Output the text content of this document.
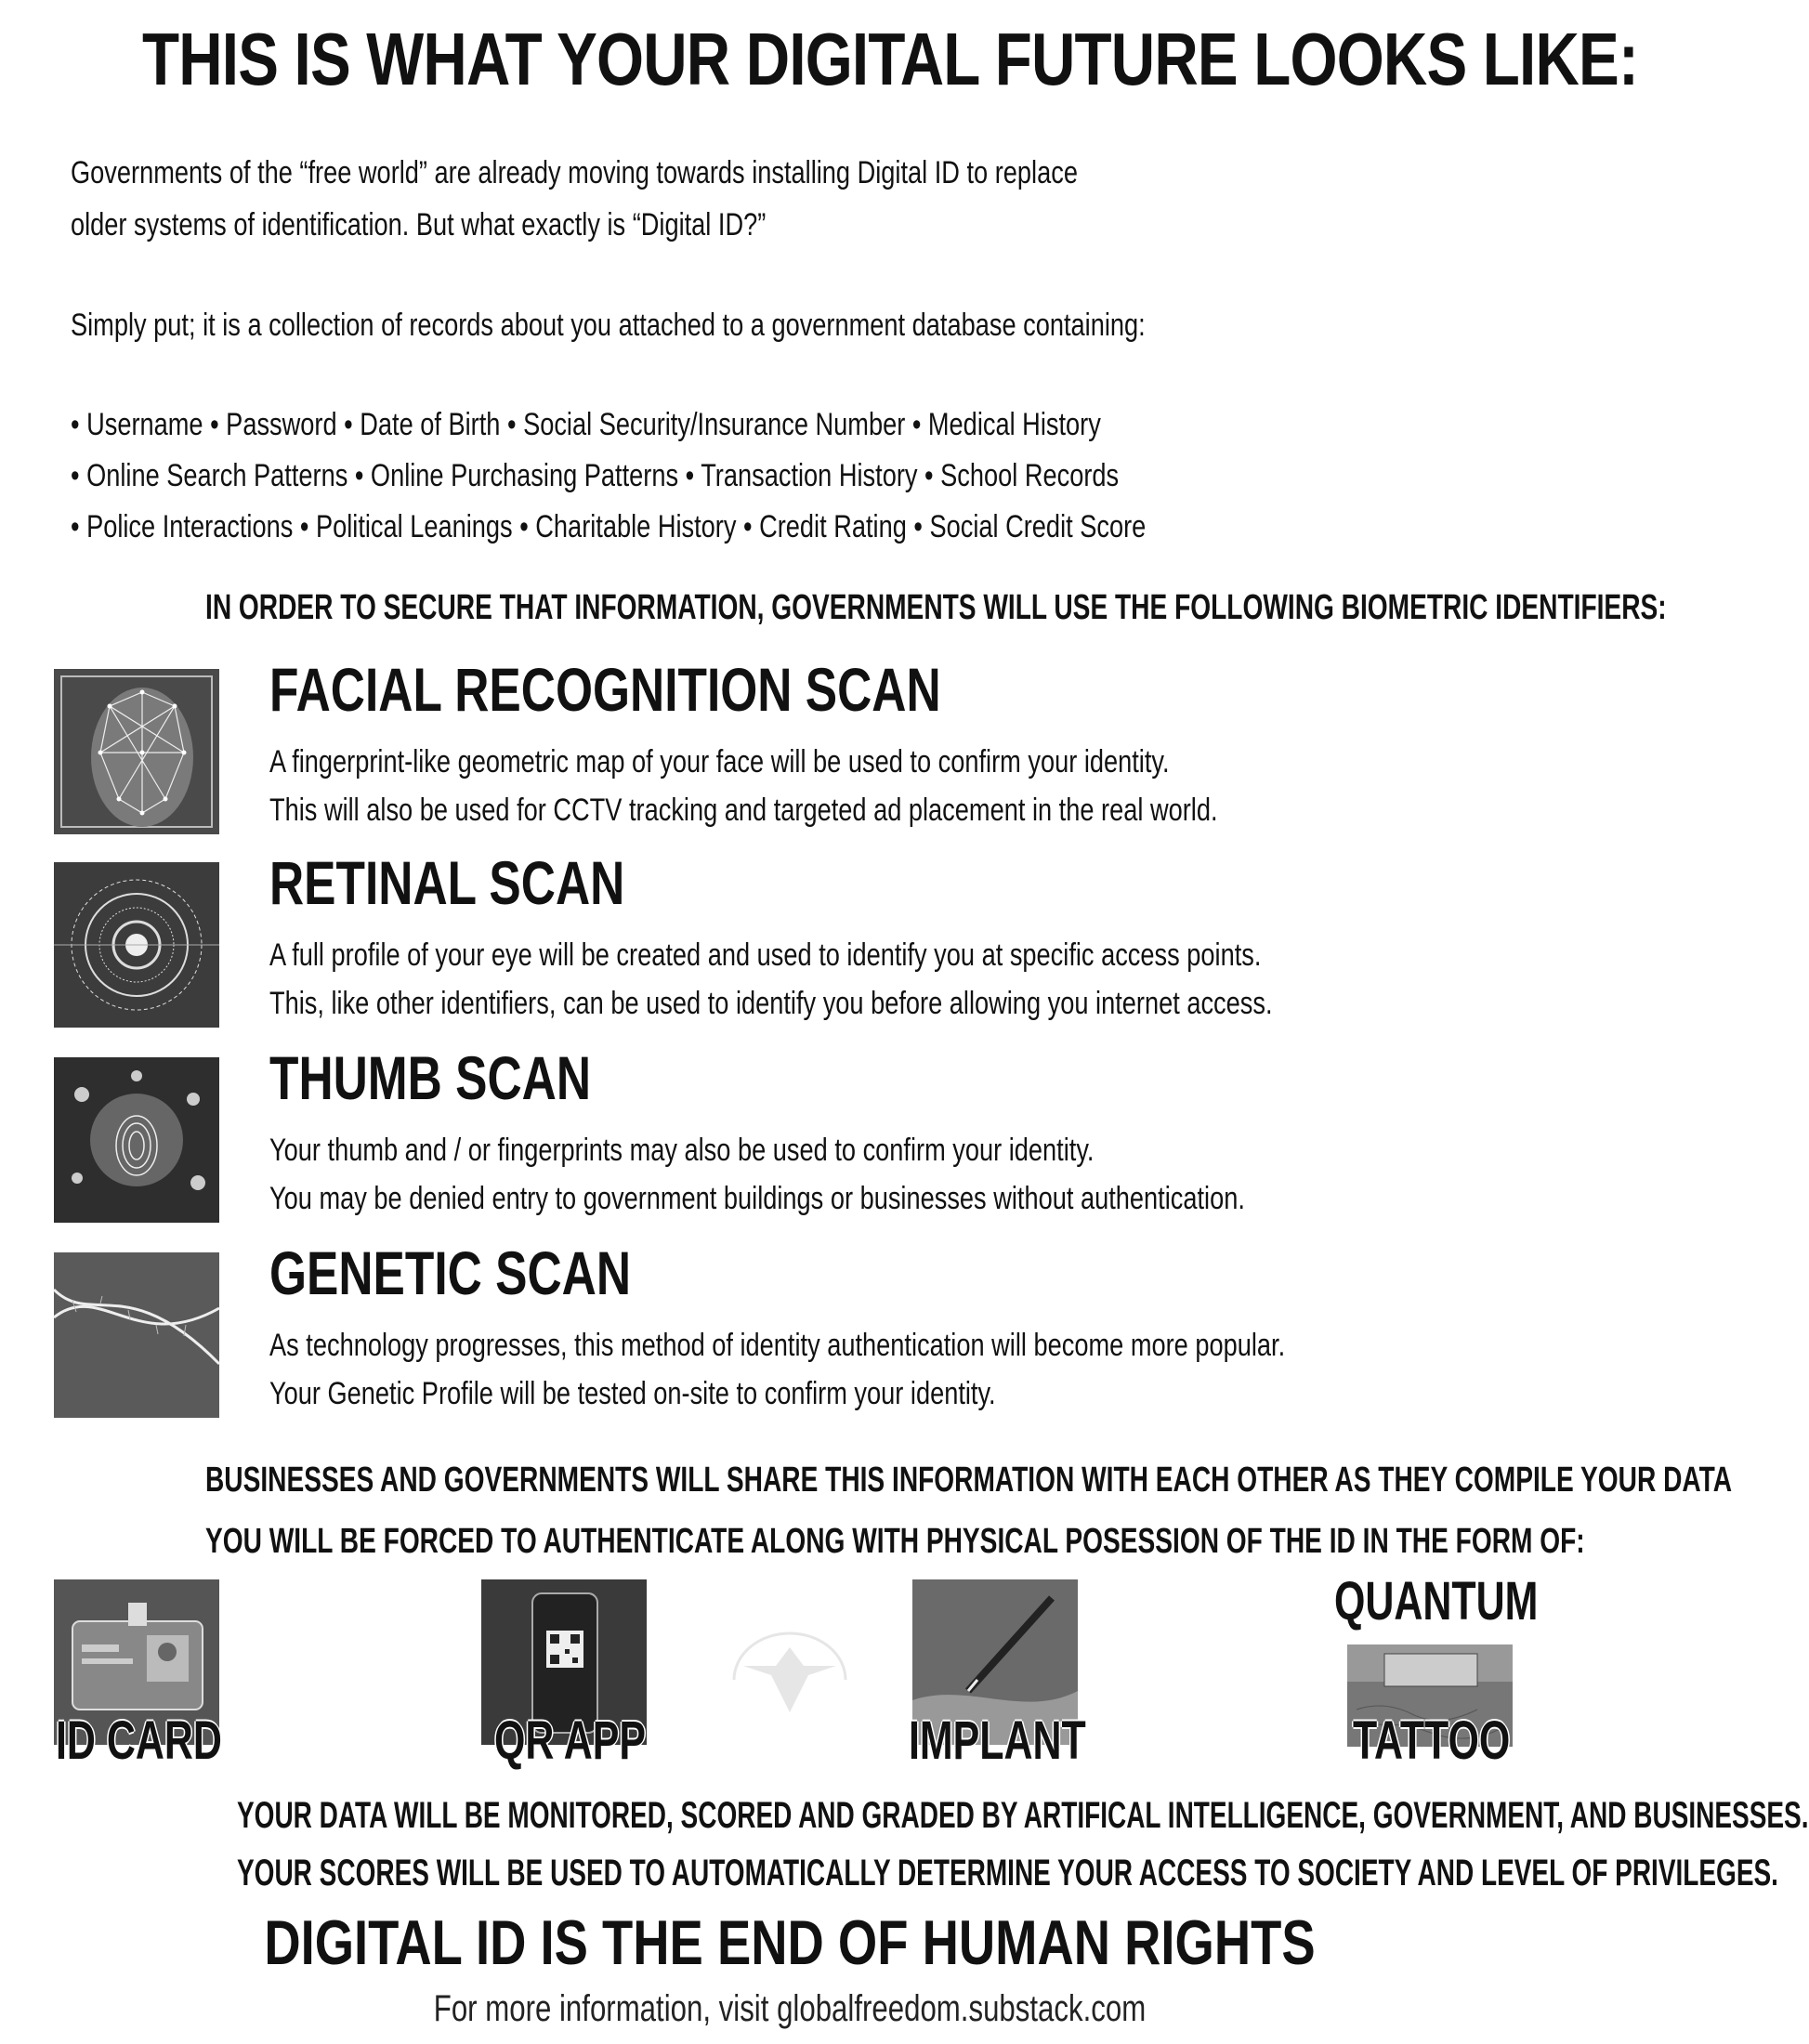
THIS IS WHAT YOUR DIGITAL FUTURE LOOKS LIKE:
Governments of the “free world” are already moving towards installing Digital ID to replace
older systems of identification. But what exactly is “Digital ID?”
Simply put; it is a collection of records about you attached to a government database containing:
• Username • Password • Date of Birth • Social Security/Insurance Number • Medical History
• Online Search Patterns • Online Purchasing Patterns • Transaction History • School Records
• Police Interactions • Political Leanings • Charitable History • Credit Rating • Social Credit Score
IN ORDER TO SECURE THAT INFORMATION, GOVERNMENTS WILL USE THE FOLLOWING BIOMETRIC IDENTIFIERS:
FACIAL RECOGNITION SCAN
A fingerprint-like geometric map of your face will be used to confirm your identity.
This will also be used for CCTV tracking and targeted ad placement in the real world.
RETINAL SCAN
A full profile of your eye will be created and used to identify you at specific access points.
This, like other identifiers, can be used to identify you before allowing you internet access.
THUMB SCAN
Your thumb and / or fingerprints may also be used to confirm your identity.
You may be denied entry to government buildings or businesses without authentication.
GENETIC SCAN
As technology progresses, this method of identity authentication will become more popular.
Your Genetic Profile will be tested on-site to confirm your identity.
BUSINESSES AND GOVERNMENTS WILL SHARE THIS INFORMATION WITH EACH OTHER AS THEY COMPILE YOUR DATA
YOU WILL BE FORCED TO AUTHENTICATE ALONG WITH PHYSICAL POSESSION OF THE ID IN THE FORM OF:
ID CARD	QR APP	IMPLANT
QUANTUM
TATTOO
YOUR DATA WILL BE MONITORED, SCORED AND GRADED BY ARTIFICAL INTELLIGENCE, GOVERNMENT, AND BUSINESSES.
YOUR SCORES WILL BE USED TO AUTOMATICALLY DETERMINE YOUR ACCESS TO SOCIETY AND LEVEL OF PRIVILEGES.
DIGITAL ID IS THE END OF HUMAN RIGHTS
For more information, visit globalfreedom.substack.com
